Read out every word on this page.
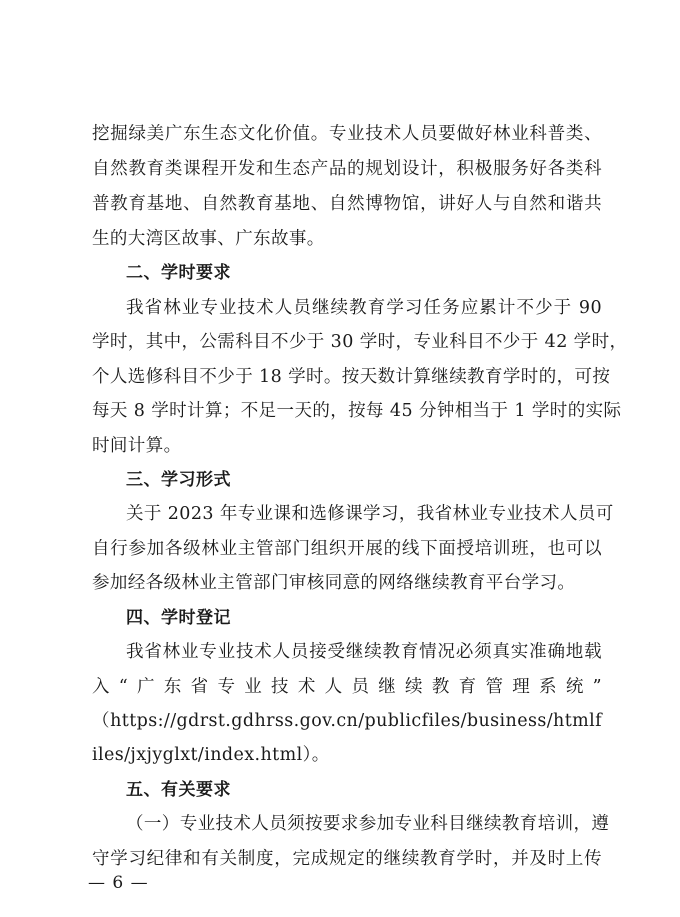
挖掘绿美广东生态文化价值。专业技术人员要做好林业科普类、
自然教育类课程开发和生态产品的规划设计，积极服务好各类科
普教育基地、自然教育基地、自然博物馆，讲好人与自然和谐共
生的大湾区故事、广东故事。
二、学时要求
我省林业专业技术人员继续教育学习任务应累计不少于 90
学时，其中，公需科目不少于 30 学时，专业科目不少于 42 学时，
个人选修科目不少于 18 学时。按天数计算继续教育学时的，可按
每天 8 学时计算；不足一天的，按每 45 分钟相当于 1 学时的实际
时间计算。
三、学习形式
关于 2023 年专业课和选修课学习，我省林业专业技术人员可
自行参加各级林业主管部门组织开展的线下面授培训班，也可以
参加经各级林业主管部门审核同意的网络继续教育平台学习。
四、学时登记
我省林业专业技术人员接受继续教育情况必须真实准确地载
入“广东省专业技术人员继续教育管理系统”
（https://gdrst.gdhrss.gov.cn/publicfiles/business/htmlf
iles/jxjyglxt/index.html）。
五、有关要求
（一）专业技术人员须按要求参加专业科目继续教育培训，遵
守学习纪律和有关制度，完成规定的继续教育学时，并及时上传
— 6 —
